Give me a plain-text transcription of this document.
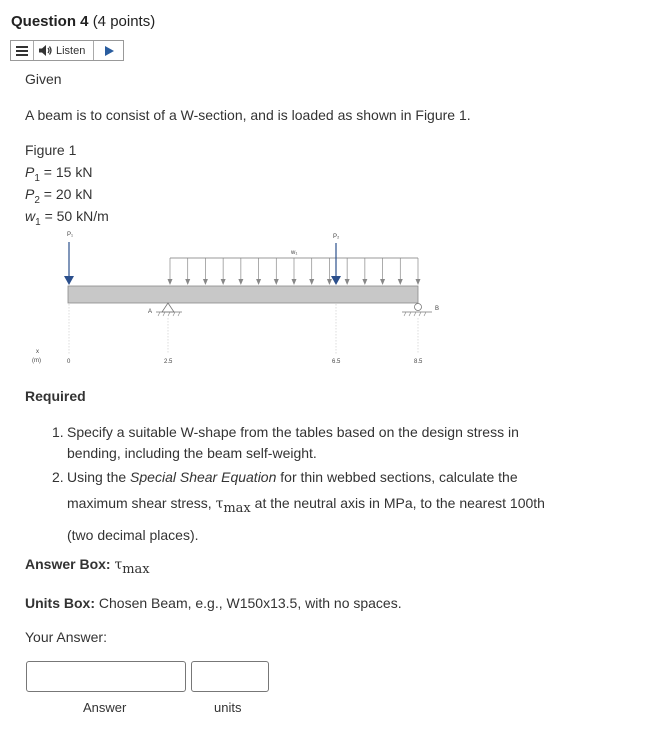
Question 4 (4 points)
Listen
Given
A beam is to consist of a W-section, and is loaded as shown in Figure 1.
Figure 1
$P_1 = 15$ kN
$P_2 = 20$ kN
$w_1 = 50$ kN/m
P₁
w₁
P₂
A	B
x
(m)	0	2.5	6.5	8.5
Required
1. Specify a suitable W-shape from the tables based on the design stress in bending, including the beam self-weight.
2. Using the Special Shear Equation for thin webbed sections, calculate the maximum shear stress, $\tau_{max}$ at the neutral axis in MPa, to the nearest 100th (two decimal places).
Answer Box: $\tau_{max}$
Units Box: Chosen Beam, e.g., W150x13.5, with no spaces.
Your Answer:
Answer	units
